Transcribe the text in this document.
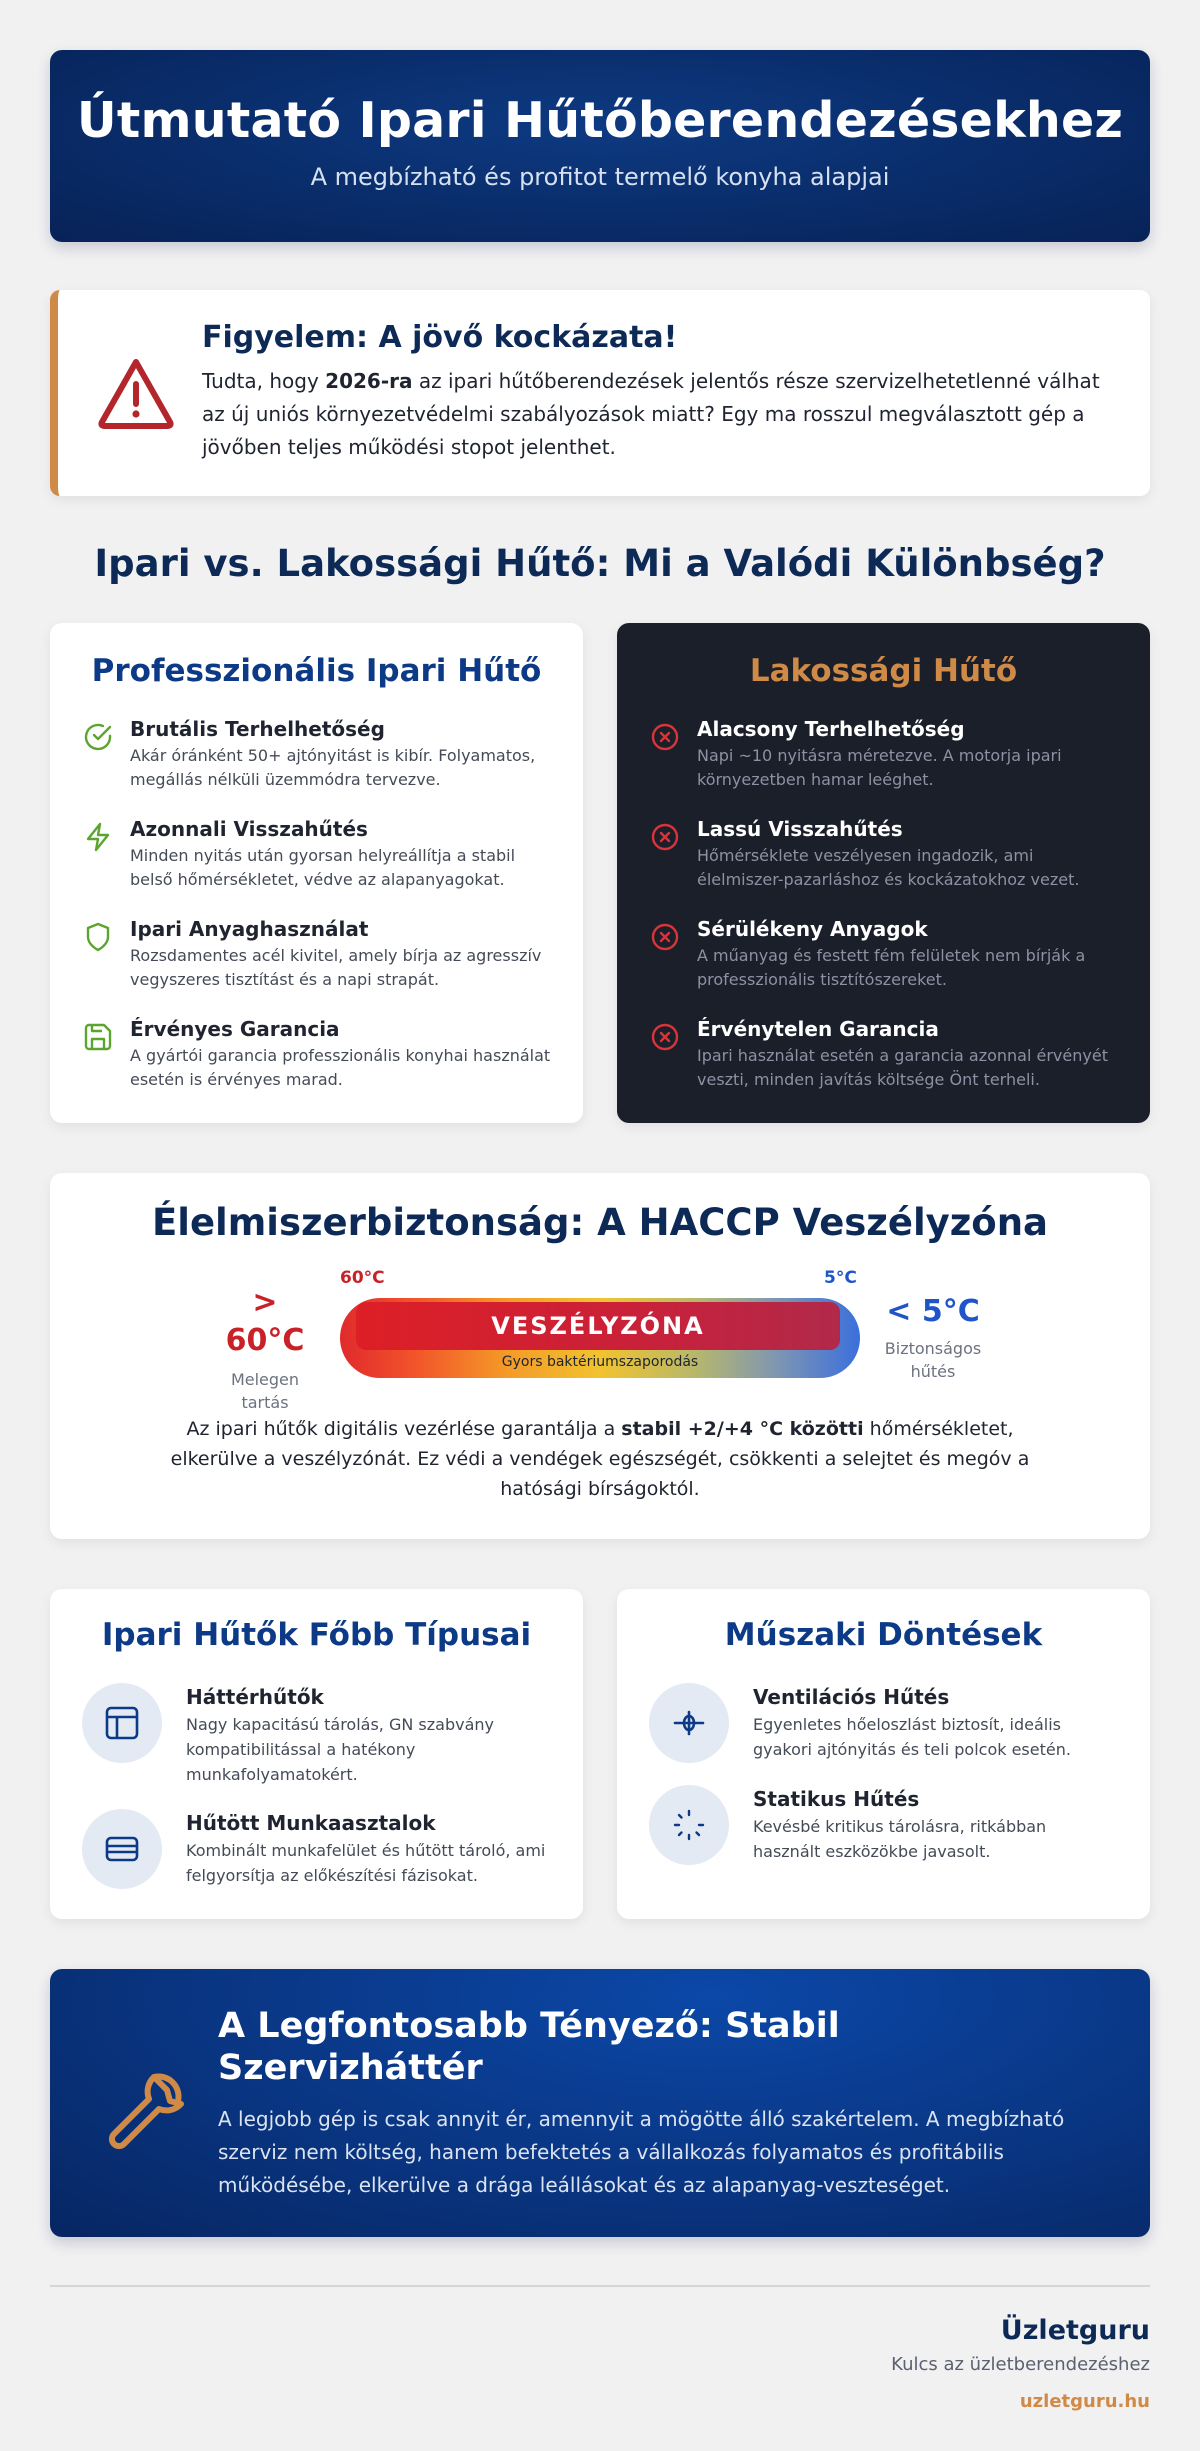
Útmutató Ipari Hűtőberendezésekhez

A megbízható és profitot termelő konyha alapjai

Figyelem: A jövő kockázata!

Tudta, hogy 2026-ra az ipari hűtőberendezések jelentős része szervizelhetetlenné válhat az új uniós környezetvédelmi szabályozások miatt? Egy ma rosszul megválasztott gép a jövőben teljes működési stopot jelenthet.

Ipari vs. Lakossági Hűtő: Mi a Valódi Különbség?
Professzionális Ipari Hűtő
Brutális Terhelhetőség
Akár óránként 50+ ajtónyitást is kibír. Folyamatos, megállás nélküli üzemmódra tervezve.
Azonnali Visszahűtés
Minden nyitás után gyorsan helyreállítja a stabil belső hőmérsékletet, védve az alapanyagokat.
Ipari Anyaghasználat
Rozsdamentes acél kivitel, amely bírja az agresszív vegyszeres tisztítást és a napi strapát.
Érvényes Garancia
A gyártói garancia professzionális konyhai használat esetén is érvényes marad.
Lakossági Hűtő
Alacsony Terhelhetőség
Napi ~10 nyitásra méretezve. A motorja ipari környezetben hamar leéghet.
Lassú Visszahűtés
Hőmérséklete veszélyesen ingadozik, ami élelmiszer-pazarláshoz és kockázatokhoz vezet.
Sérülékeny Anyagok
A műanyag és festett fém felületek nem bírják a professzionális tisztítószereket.
Érvénytelen Garancia
Ipari használat esetén a garancia azonnal érvényét veszti, minden javítás költsége Önt terheli.
Élelmiszerbiztonság: A HACCP Veszélyzóna
>
60°C
Melegen tartás
60°C	5°C
VESZÉLYZÓNA
Gyors baktériumszaporodás
< 5°C
Biztonságos hűtés

Az ipari hűtők digitális vezérlése garantálja a stabil +2/+4 °C közötti hőmérsékletet, elkerülve a veszélyzónát. Ez védi a vendégek egészségét, csökkenti a selejtet és megóv a hatósági bírságoktól.

Ipari Hűtők Főbb Típusai
Háttérhűtők
Nagy kapacitású tárolás, GN szabvány kompatibilitással a hatékony munkafolyamatokért.
Hűtött Munkaasztalok
Kombinált munkafelület és hűtött tároló, ami felgyorsítja az előkészítési fázisokat.
Műszaki Döntések
Ventilációs Hűtés
Egyenletes hőeloszlást biztosít, ideális gyakori ajtónyitás és teli polcok esetén.
Statikus Hűtés
Kevésbé kritikus tárolásra, ritkábban használt eszközökbe javasolt.
A Legfontosabb Tényező: Stabil Szervizháttér

A legjobb gép is csak annyit ér, amennyit a mögötte álló szakértelem. A megbízható szerviz nem költség, hanem befektetés a vállalkozás folyamatos és profitábilis működésébe, elkerülve a drága leállásokat és az alapanyag-veszteséget.

Üzletguru
Kulcs az üzletberendezéshez
uzletguru.hu
